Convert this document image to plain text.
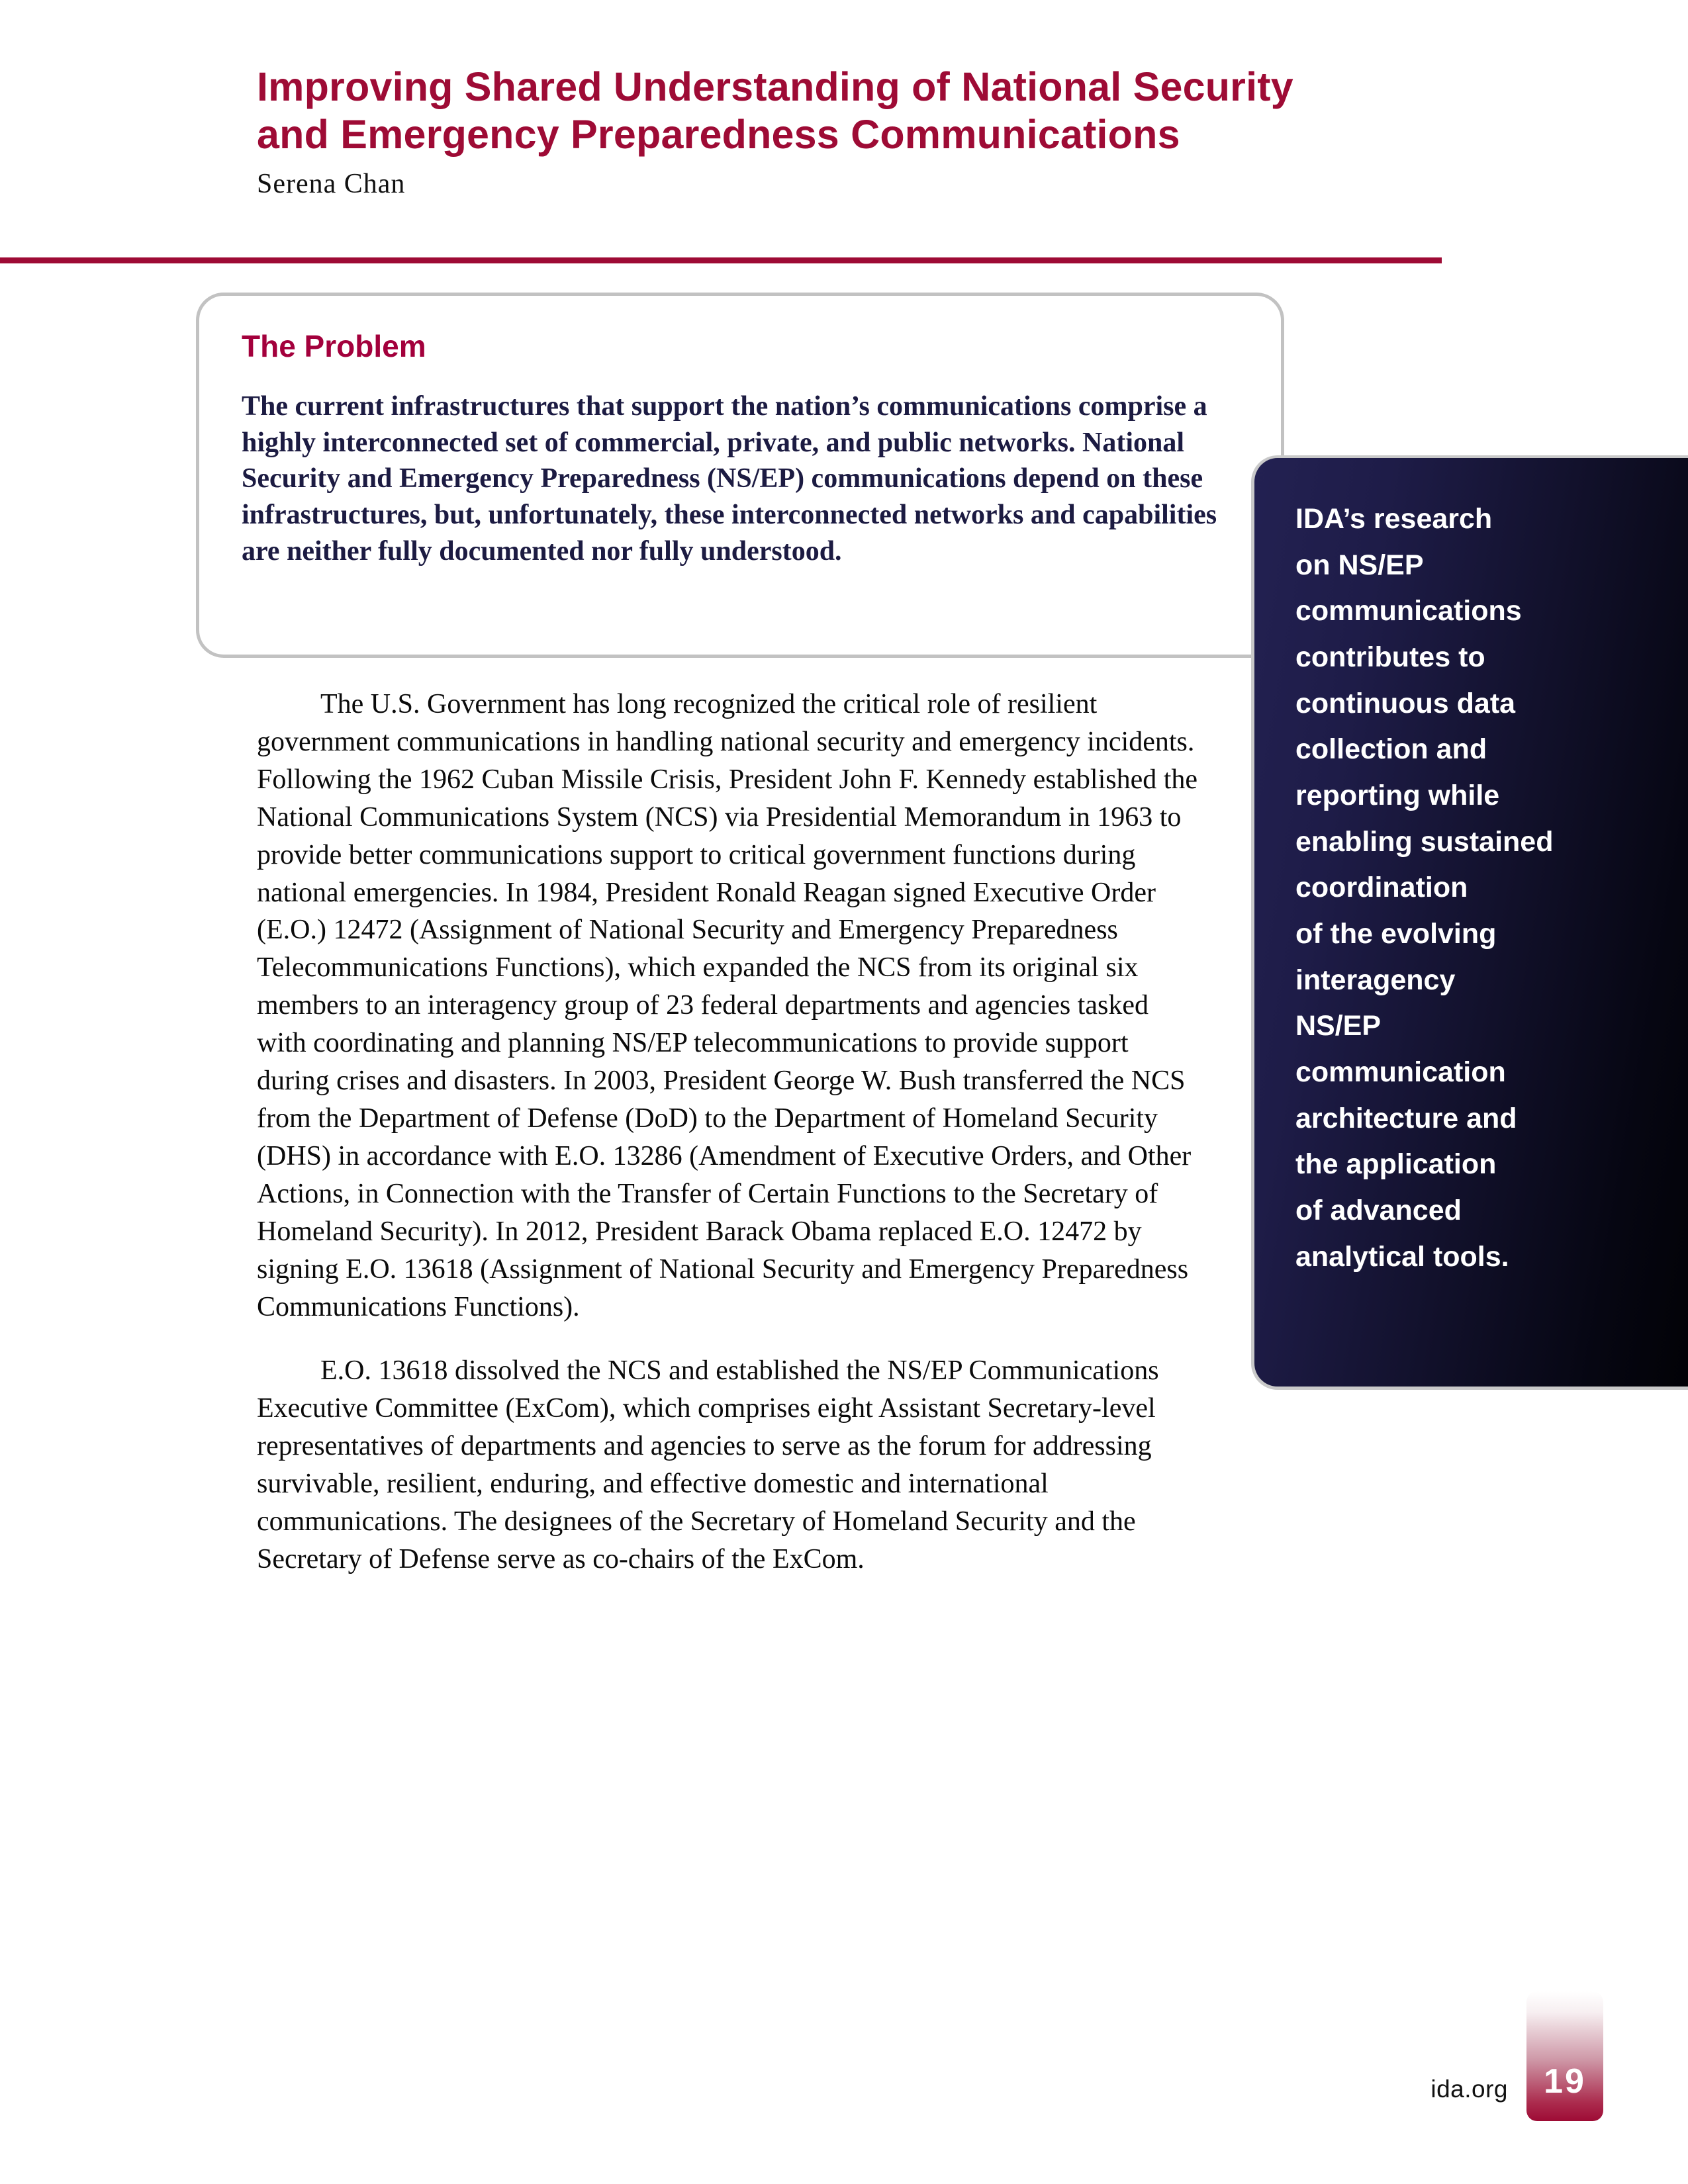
Improving Shared Understanding of National Security
and Emergency Preparedness Communications
Serena Chan
The Problem

The current infrastructures that support the nation’s communications comprise a highly interconnected set of commercial, private, and public networks. National Security and Emergency Preparedness (NS/EP) communications depend on these infrastructures, but, unfortunately, these interconnected networks and capabilities are neither fully documented nor fully understood.

IDA’s research
on NS/EP
communications
contributes to
continuous data
collection and
reporting while
enabling sustained
coordination
of the evolving
interagency
NS/EP
communication
architecture and
the application
of advanced
analytical tools.

The U.S. Government has long recognized the critical role of resilient government communications in handling national security and emergency incidents. Following the 1962 Cuban Missile Crisis, President John F. Kennedy established the National Communications System (NCS) via Presidential Memorandum in 1963 to provide better communications support to critical government functions during national emergencies. In 1984, President Ronald Reagan signed Executive Order (E.O.) 12472 (Assignment of National Security and Emergency Preparedness Telecommunications Functions), which expanded the NCS from its original six members to an interagency group of 23 federal departments and agencies tasked with coordinating and planning NS/EP telecommunications to provide support during crises and disasters. In 2003, President George W. Bush transferred the NCS from the Department of Defense (DoD) to the Department of Homeland Security (DHS) in accordance with E.O. 13286 (Amendment of Executive Orders, and Other Actions, in Connection with the Transfer of Certain Functions to the Secretary of Homeland Security). In 2012, President Barack Obama replaced E.O. 12472 by signing E.O. 13618 (Assignment of National Security and Emergency Preparedness Communications Functions).

E.O. 13618 dissolved the NCS and established the NS/EP Communications Executive Committee (ExCom), which comprises eight Assistant Secretary-level representatives of departments and agencies to serve as the forum for addressing survivable, resilient, enduring, and effective domestic and international communications. The designees of the Secretary of Homeland Security and the Secretary of Defense serve as co-chairs of the ExCom.

ida.org 19
